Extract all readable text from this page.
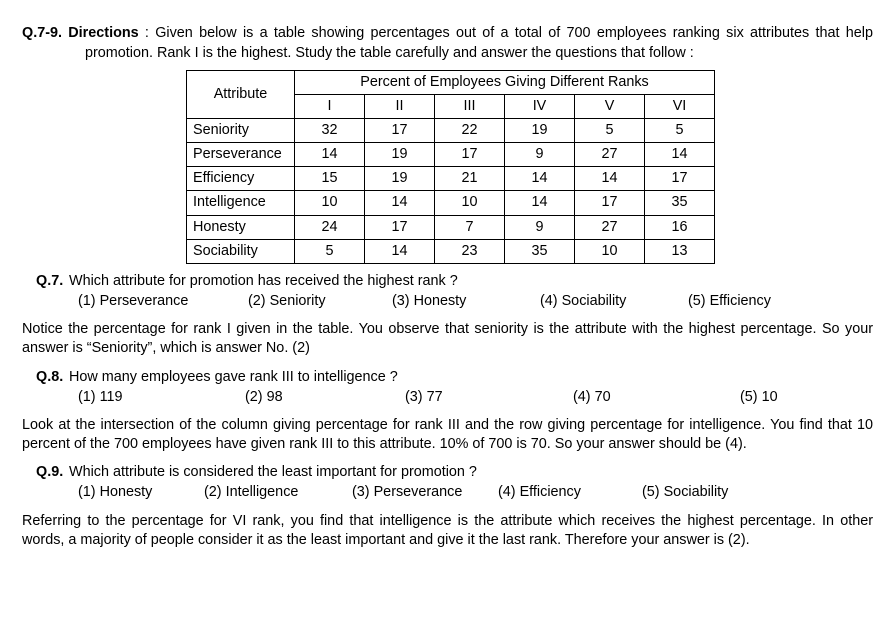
Q.7-9. Directions : Given below is a table showing percentages out of a total of 700 employees ranking six attributes that help promotion. Rank I is the highest. Study the table carefully and answer the questions that follow :

Attribute	Percent of Employees Giving Different Ranks					
	I	II	III	IV	V	VI
Seniority	32	17	22	19	5	5
Perseverance	14	19	17	9	27	14
Efficiency	15	19	21	14	14	17
Intelligence	10	14	10	14	17	35
Honesty	24	17	7	9	27	16
Sociability	5	14	23	35	10	13
Q.7. Which attribute for promotion has received the highest rank ?
(1) Perseverance	(2) Seniority	(3) Honesty	(4) Sociability	(5) Efficiency

Notice the percentage for rank I given in the table. You observe that seniority is the attribute with the highest percentage. So your answer is “Seniority”, which is answer No. (2)

Q.8. How many employees gave rank III to intelligence ?
(1) 119	(2) 98	(3) 77	(4) 70	(5) 10

Look at the intersection of the column giving percentage for rank III and the row giving percentage for intelligence. You find that 10 percent of the 700 employees have given rank III to this attribute. 10% of 700 is 70. So your answer should be (4).

Q.9. Which attribute is considered the least important for promotion ?
(1) Honesty	(2) Intelligence	(3) Perseverance	(4) Efficiency	(5) Sociability

Referring to the percentage for VI rank, you find that intelligence is the attribute which receives the highest percentage. In other words, a majority of people consider it as the least important and give it the last rank. Therefore your answer is (2).
